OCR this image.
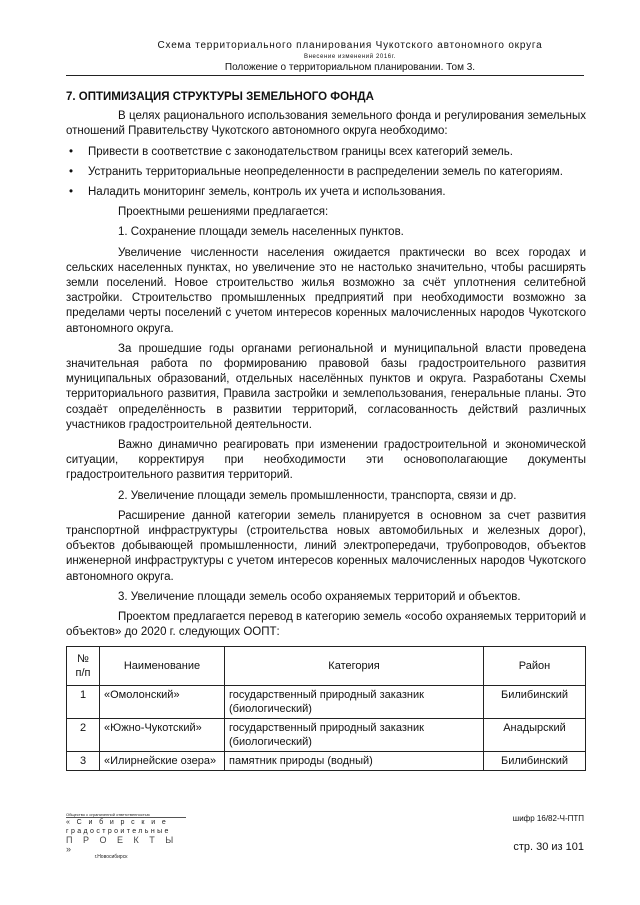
Схема территориального планирования Чукотского автономного округа
Внесение изменений 2016г.
Положение о территориальном планировании. Том 3.
7. ОПТИМИЗАЦИЯ СТРУКТУРЫ ЗЕМЕЛЬНОГО ФОНДА
В целях рационального использования земельного фонда и регулирования земельных отношений Правительству Чукотского автономного округа необходимо:
• Привести в соответствие с законодательством границы всех категорий земель.
• Устранить территориальные неопределенности в распределении земель по категориям.
• Наладить мониторинг земель, контроль их учета и использования.
Проектными решениями предлагается:
1. Сохранение площади земель населенных пунктов.
Увеличение численности населения ожидается практически во всех городах и сельских населенных пунктах, но увеличение это не настолько значительно, чтобы расширять земли поселений. Новое строительство жилья возможно за счёт уплотнения селитебной застройки. Строительство промышленных предприятий при необходимости возможно за пределами черты поселений с учетом интересов коренных малочисленных народов Чукотского автономного округа.
За прошедшие годы органами региональной и муниципальной власти проведена значительная работа по формированию правовой базы градостроительного развития муниципальных образований, отдельных населённых пунктов и округа. Разработаны Схемы территориального развития, Правила застройки и землепользования, генеральные планы. Это создаёт определённость в развитии территорий, согласованность действий различных участников градостроительной деятельности.
Важно динамично реагировать при изменении градостроительной и экономической ситуации, корректируя при необходимости эти основополагающие документы градостроительного развития территорий.
2. Увеличение площади земель промышленности, транспорта, связи и др.
Расширение данной категории земель планируется в основном за счет развития транспортной инфраструктуры (строительства новых автомобильных и железных дорог), объектов добывающей промышленности, линий электропередачи, трубопроводов, объектов инженерной инфраструктуры с учетом интересов коренных малочисленных народов Чукотского автономного округа.
3. Увеличение площади земель особо охраняемых территорий и объектов.
Проектом предлагается перевод в категорию земель «особо охраняемых территорий и объектов» до 2020 г. следующих ООПТ:
№
п/п	Наименование	Категория	Район
1	«Омолонский»	государственный природный заказник (биологический)	Билибинский
2	«Южно-Чукотский»	государственный природный заказник (биологический)	Анадырский
3	«Илирнейские озера»	памятник природы (водный)	Билибинский
Общество с ограниченной ответственностью
« С и б и р с к и е
градостроительные
П Р О Е К Т Ы »
г.Новосибирск
шифр 16/82-Ч-ПТП
стр. 30 из 101
